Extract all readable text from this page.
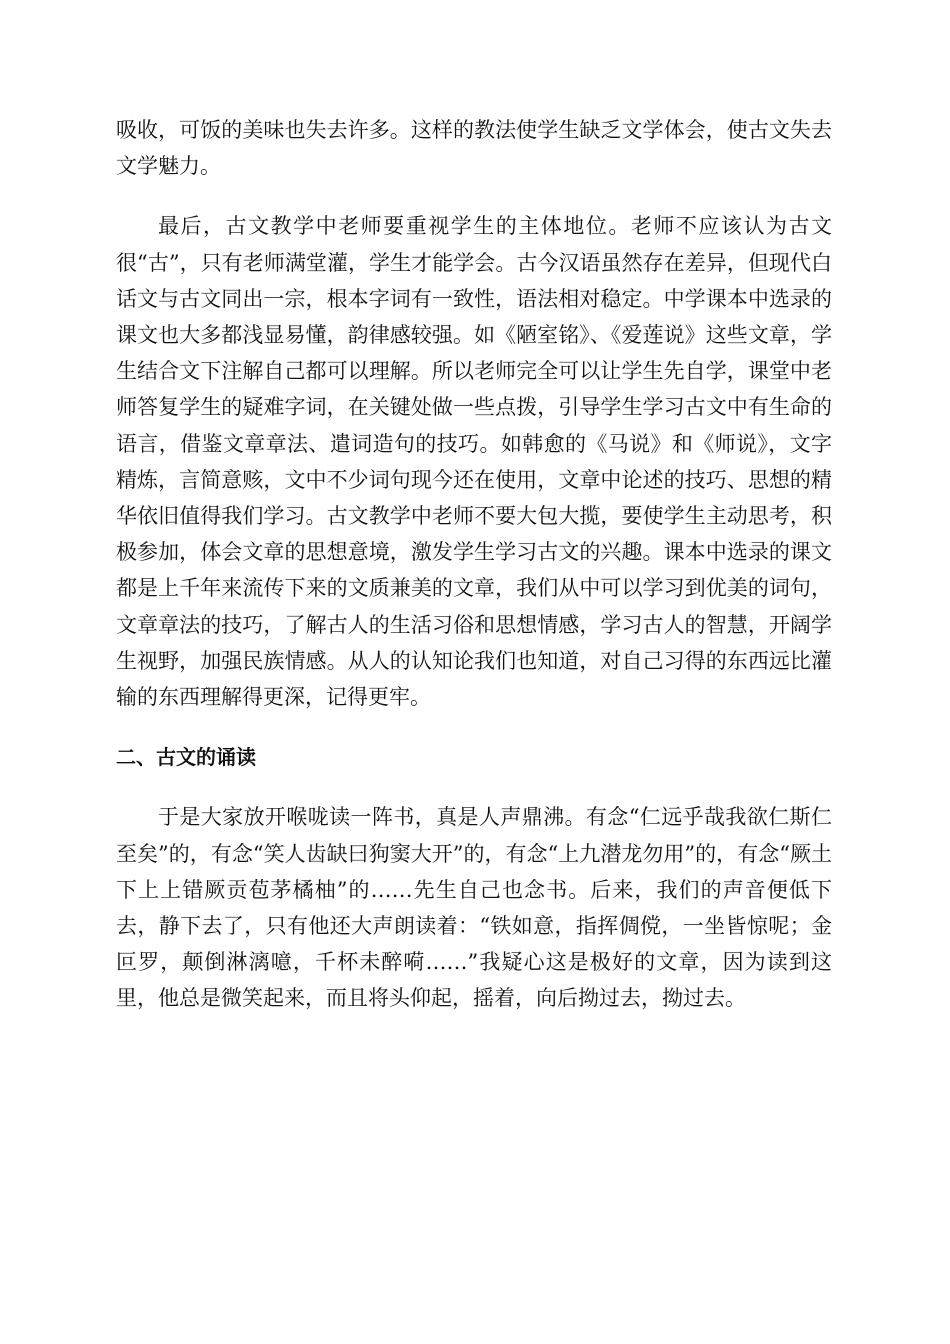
吸收，可饭的美味也失去许多。这样的教法使学生缺乏文学体会，使古文失去文学魅力。

最后，古文教学中老师要重视学生的主体地位。老师不应该认为古文很“古”，只有老师满堂灌，学生才能学会。古今汉语虽然存在差异，但现代白话文与古文同出一宗，根本字词有一致性，语法相对稳定。中学课本中选录的课文也大多都浅显易懂，韵律感较强。如《陋室铭》、《爱莲说》这些文章，学生结合文下注解自己都可以理解。所以老师完全可以让学生先自学，课堂中老师答复学生的疑难字词，在关键处做一些点拨，引导学生学习古文中有生命的语言，借鉴文章章法、遣词造句的技巧。如韩愈的《马说》和《师说》，文字精炼，言简意赅，文中不少词句现今还在使用，文章中论述的技巧、思想的精华依旧值得我们学习。古文教学中老师不要大包大揽，要使学生主动思考，积极参加，体会文章的思想意境，激发学生学习古文的兴趣。课本中选录的课文都是上千年来流传下来的文质兼美的文章，我们从中可以学习到优美的词句，文章章法的技巧，了解古人的生活习俗和思想情感，学习古人的智慧，开阔学生视野，加强民族情感。从人的认知论我们也知道，对自己习得的东西远比灌输的东西理解得更深，记得更牢。

二、古文的诵读

于是大家放开喉咙读一阵书，真是人声鼎沸。有念“仁远乎哉我欲仁斯仁至矣”的，有念“笑人齿缺曰狗窦大开”的，有念“上九潜龙勿用”的，有念“厥土下上上错厥贡苞茅橘柚”的……先生自己也念书。后来，我们的声音便低下去，静下去了，只有他还大声朗读着：“铁如意，指挥倜傥，一坐皆惊呢；金叵罗，颠倒淋漓噫，千杯未醉嗬……”我疑心这是极好的文章，因为读到这里，他总是微笑起来，而且将头仰起，摇着，向后拗过去，拗过去。
